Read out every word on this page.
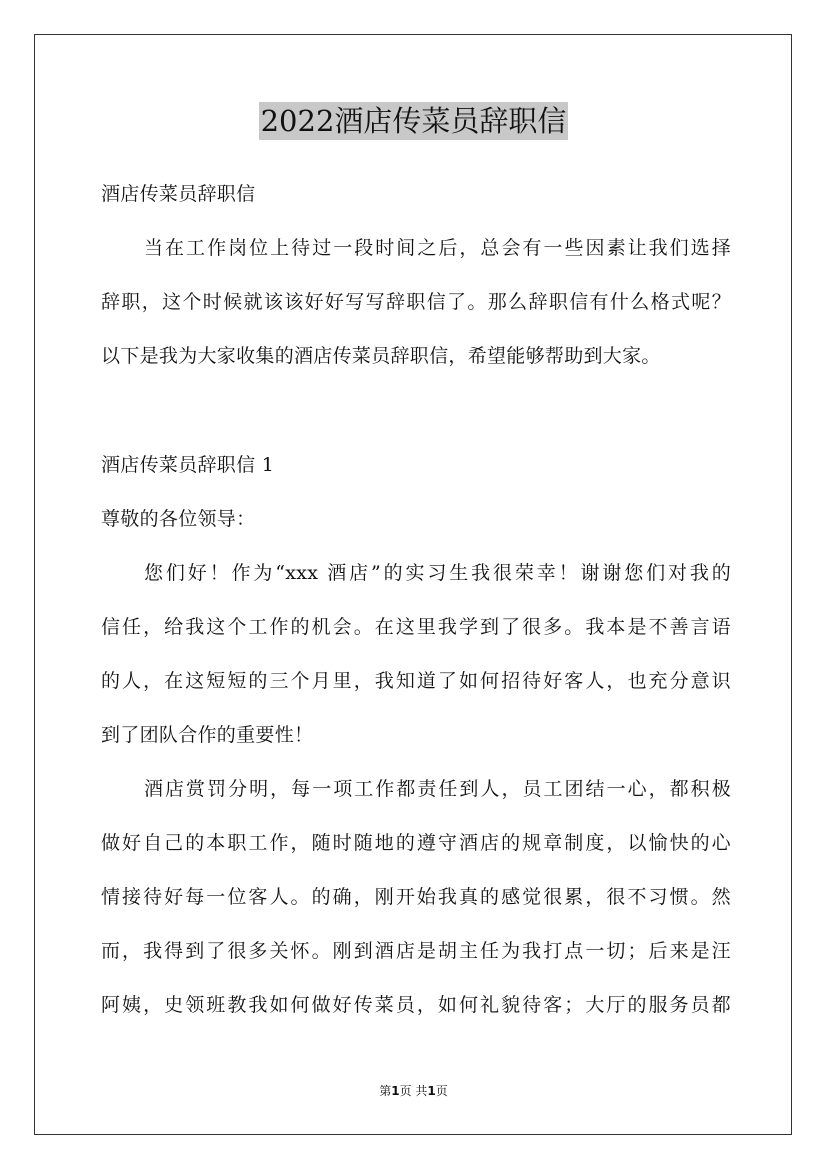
2022酒店传菜员辞职信
酒店传菜员辞职信
当在工作岗位上待过一段时间之后，总会有一些因素让我们选择
辞职，这个时候就该该好好写写辞职信了。那么辞职信有什么格式呢？
以下是我为大家收集的酒店传菜员辞职信，希望能够帮助到大家。
酒店传菜员辞职信 1
尊敬的各位领导：
您们好！作为“xxx 酒店”的实习生我很荣幸！谢谢您们对我的
信任，给我这个工作的机会。在这里我学到了很多。我本是不善言语
的人，在这短短的三个月里，我知道了如何招待好客人，也充分意识
到了团队合作的重要性！
酒店赏罚分明，每一项工作都责任到人，员工团结一心，都积极
做好自己的本职工作，随时随地的遵守酒店的规章制度，以愉快的心
情接待好每一位客人。的确，刚开始我真的感觉很累，很不习惯。然
而，我得到了很多关怀。刚到酒店是胡主任为我打点一切；后来是汪
阿姨，史领班教我如何做好传菜员，如何礼貌待客；大厅的服务员都
第1页 共1页
